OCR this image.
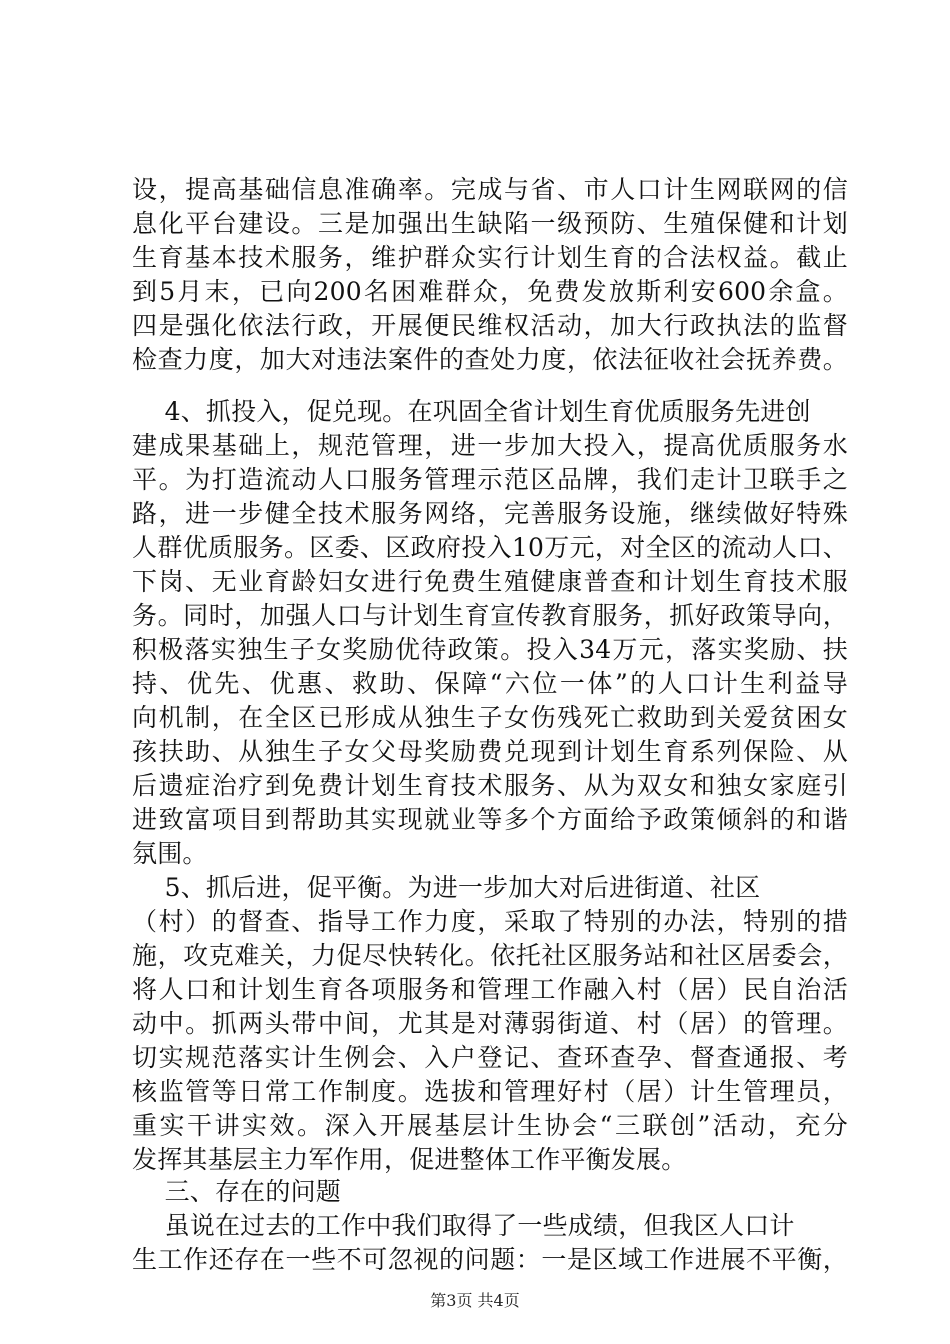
设，提高基础信息准确率。完成与省、市人口计生网联网的信
息化平台建设。三是加强出生缺陷一级预防、生殖保健和计划
生育基本技术服务，维护群众实行计划生育的合法权益。截止
到5月末，已向200名困难群众，免费发放斯利安600余盒。
四是强化依法行政，开展便民维权活动，加大行政执法的监督
检查力度，加大对违法案件的查处力度，依法征收社会抚养费。
4、抓投入，促兑现。在巩固全省计划生育优质服务先进创
建成果基础上，规范管理，进一步加大投入，提高优质服务水
平。为打造流动人口服务管理示范区品牌，我们走计卫联手之
路，进一步健全技术服务网络，完善服务设施，继续做好特殊
人群优质服务。区委、区政府投入10万元，对全区的流动人口、
下岗、无业育龄妇女进行免费生殖健康普查和计划生育技术服
务。同时，加强人口与计划生育宣传教育服务，抓好政策导向，
积极落实独生子女奖励优待政策。投入34万元，落实奖励、扶
持、优先、优惠、救助、保障“六位一体”的人口计生利益导
向机制，在全区已形成从独生子女伤残死亡救助到关爱贫困女
孩扶助、从独生子女父母奖励费兑现到计划生育系列保险、从
后遗症治疗到免费计划生育技术服务、从为双女和独女家庭引
进致富项目到帮助其实现就业等多个方面给予政策倾斜的和谐
氛围。
5、抓后进，促平衡。为进一步加大对后进街道、社区
（村）的督查、指导工作力度，采取了特别的办法，特别的措
施，攻克难关，力促尽快转化。依托社区服务站和社区居委会，
将人口和计划生育各项服务和管理工作融入村（居）民自治活
动中。抓两头带中间，尤其是对薄弱街道、村（居）的管理。
切实规范落实计生例会、入户登记、查环查孕、督查通报、考
核监管等日常工作制度。选拔和管理好村（居）计生管理员，
重实干讲实效。深入开展基层计生协会“三联创”活动，充分
发挥其基层主力军作用，促进整体工作平衡发展。
三、存在的问题
虽说在过去的工作中我们取得了一些成绩，但我区人口计
生工作还存在一些不可忽视的问题：一是区域工作进展不平衡，
第3页 共4页
